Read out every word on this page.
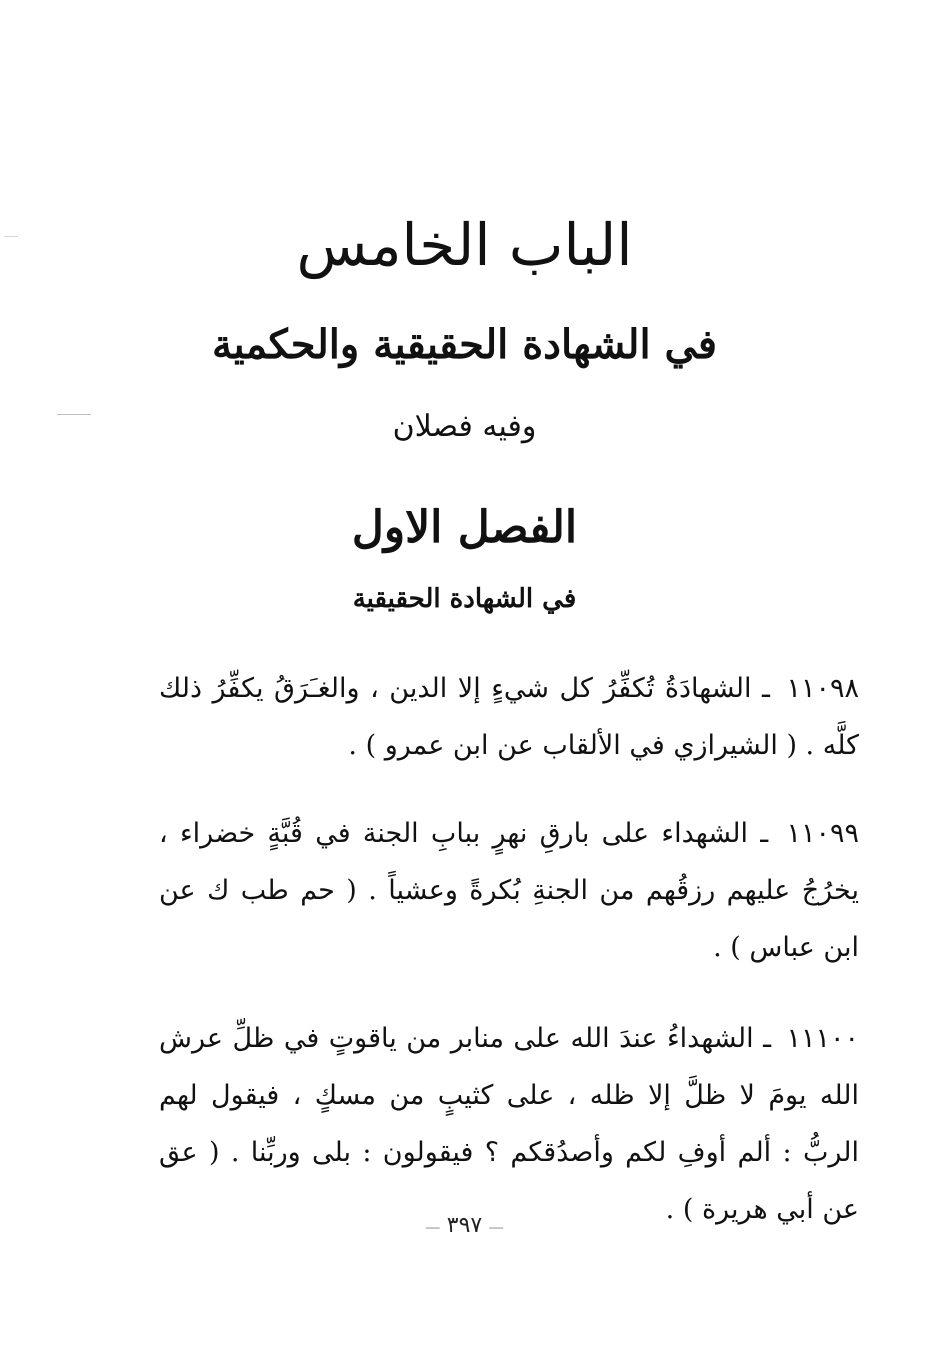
الباب الخامس
في الشهادة الحقيقية والحكمية
وفيه فصلان
الفصل الاول
في الشهادة الحقيقية

١١٠٩٨ ـ الشهادَةُ تُكفِّرُ كل شيءٍ إلا الدين ، والغـَرَقُ يكفِّرُ ذلك كلَّه . ( الشيرازي في الألقاب عن ابن عمرو ) .

١١٠٩٩ ـ الشهداء على بارقِ نهرٍ ببابِ الجنة في قُبَّةٍ خضراء ، يخرُجُ عليهم رزقُهم من الجنةِ بُكرةً وعشياً . ( حم طب ك عن ابن عباس ) .

١١١٠٠ ـ الشهداءُ عندَ الله على منابر من ياقوتٍ في ظلِّ عرش الله يومَ لا ظلَّ إلا ظله ، على كثيبٍ من مسكٍ ، فيقول لهم الربُّ : ألم أوفِ لكم وأصدُقكم ؟ فيقولون : بلى وربِّنا . ( عق عن أبي هريرة ) .

― ٣٩٧ ―
